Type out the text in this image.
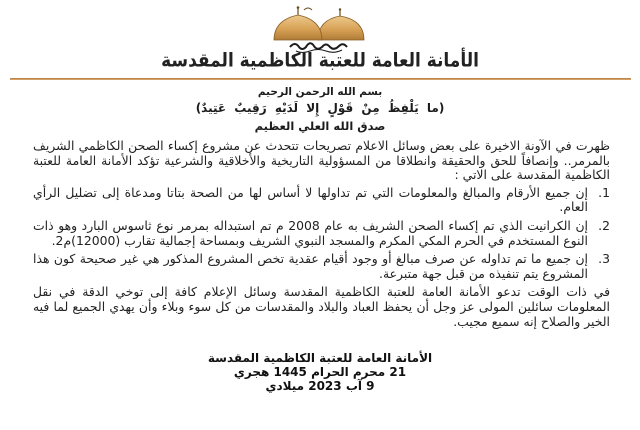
الأمانة العامة للعتبة الكاظمية المقدسة
بسم الله الرحمن الرحيم
(ما يَلْفِظُ مِنْ قَوْلٍ إِلا لَدَيْهِ رَقِيبٌ عَتِيدٌ)
صدق الله العلي العظيم

ظهرت في الآونة الاخيرة على بعض وسائل الاعلام تصريحات تتحدث عن مشروع إكساء الصحن الكاظمي الشريف بالمرمر.. وإنصافاً للحق والحقيقة وانطلاقا من المسؤولية التاريخية والأخلاقية والشرعية تؤكد الأمانة العامة للعتبة الكاظمية المقدسة على الاتي :

1.
إن جميع الأرقام والمبالغ والمعلومات التي تم تداولها لا أساس لها من الصحة بتاتا ومدعاة إلى تضليل الرأي العام.
2.
إن الكرانيت الذي تم إكساء الصحن الشريف به عام 2008 م تم استبداله بمرمر نوع ثاسوس البارد وهو ذات النوع المستخدم في الحرم المكي المكرم والمسجد النبوي الشريف وبمساحة إجمالية تقارب (12000)م2.
3.
إن جميع ما تم تداوله عن صرف مبالغ أو وجود أقيام عقدية تخص المشروع المذكور هي غير صحيحة كون هذا المشروع يتم تنفيذه من قبل جهة متبرعة.

في ذات الوقت تدعو الأمانة العامة للعتبة الكاظمية المقدسة وسائل الإعلام كافة إلى توخي الدقة في نقل المعلومات سائلين المولى عز وجل أن يحفظ العباد والبلاد والمقدسات من كل سوء وبلاء وأن يهدي الجميع لما فيه الخير والصلاح إنه سميع مجيب.

الأمانة العامة للعتبة الكاظمية المقدسة
21 محرم الحرام 1445 هجري
9 آب 2023 ميلادي
